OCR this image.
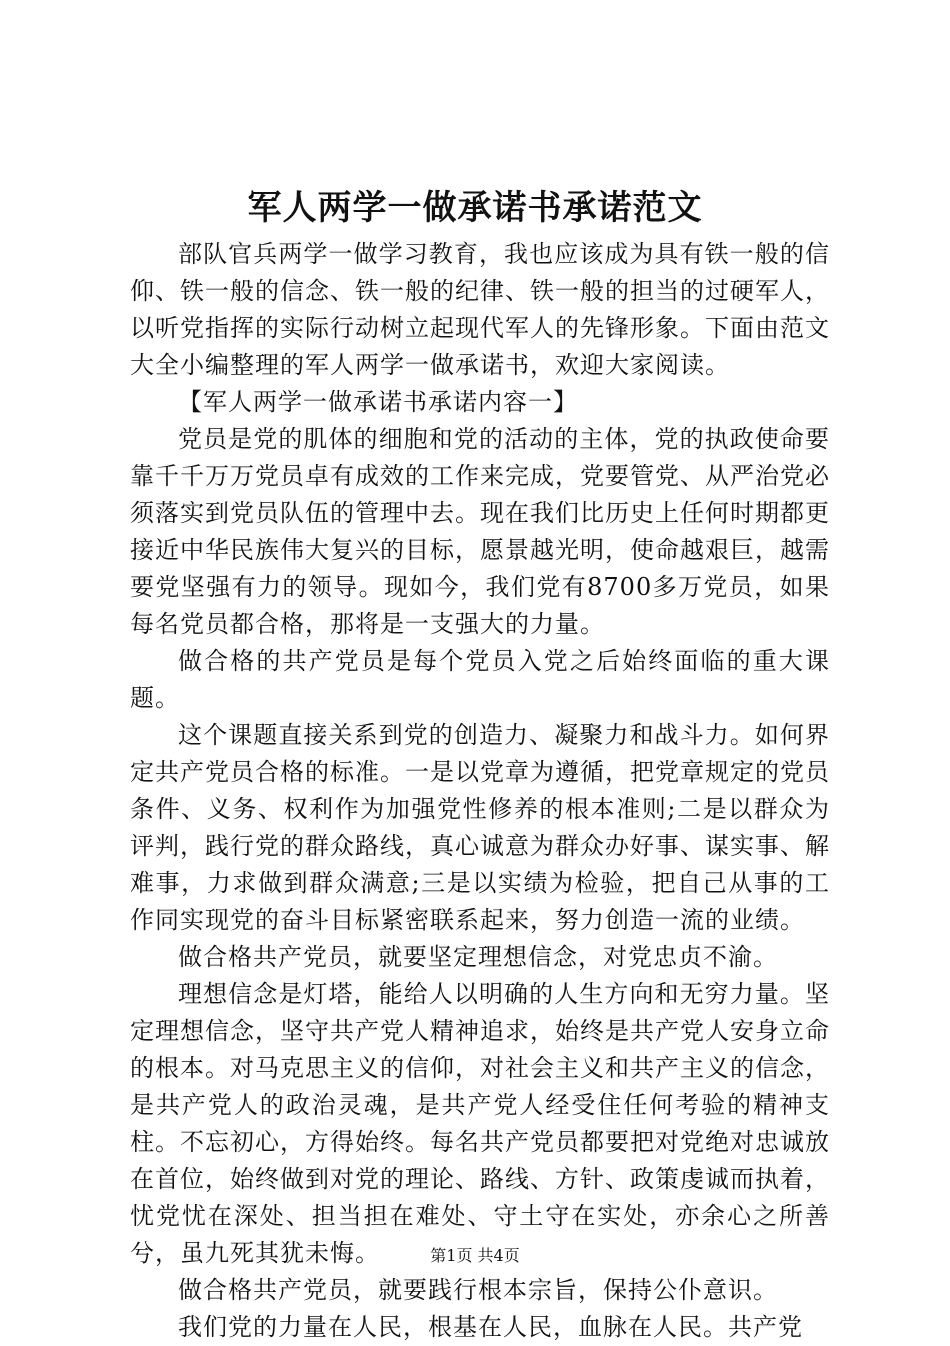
军人两学一做承诺书承诺范文

部队官兵两学一做学习教育，我也应该成为具有铁一般的信仰、铁一般的信念、铁一般的纪律、铁一般的担当的过硬军人，以听党指挥的实际行动树立起现代军人的先锋形象。下面由范文大全小编整理的军人两学一做承诺书，欢迎大家阅读。

【军人两学一做承诺书承诺内容一】

党员是党的肌体的细胞和党的活动的主体，党的执政使命要靠千千万万党员卓有成效的工作来完成，党要管党、从严治党必须落实到党员队伍的管理中去。现在我们比历史上任何时期都更接近中华民族伟大复兴的目标，愿景越光明，使命越艰巨，越需要党坚强有力的领导。现如今，我们党有8700多万党员，如果每名党员都合格，那将是一支强大的力量。

做合格的共产党员是每个党员入党之后始终面临的重大课题。

这个课题直接关系到党的创造力、凝聚力和战斗力。如何界定共产党员合格的标准。一是以党章为遵循，把党章规定的党员条件、义务、权利作为加强党性修养的根本准则;二是以群众为评判，践行党的群众路线，真心诚意为群众办好事、谋实事、解难事，力求做到群众满意;三是以实绩为检验，把自己从事的工作同实现党的奋斗目标紧密联系起来，努力创造一流的业绩。

做合格共产党员，就要坚定理想信念，对党忠贞不渝。

理想信念是灯塔，能给人以明确的人生方向和无穷力量。坚定理想信念，坚守共产党人精神追求，始终是共产党人安身立命的根本。对马克思主义的信仰，对社会主义和共产主义的信念，是共产党人的政治灵魂，是共产党人经受住任何考验的精神支柱。不忘初心，方得始终。每名共产党员都要把对党绝对忠诚放在首位，始终做到对党的理论、路线、方针、政策虔诚而执着，忧党忧在深处、担当担在难处、守土守在实处，亦余心之所善兮，虽九死其犹未悔。

做合格共产党员，就要践行根本宗旨，保持公仆意识。

我们党的力量在人民，根基在人民，血脉在人民。共产党

第1页 共4页
